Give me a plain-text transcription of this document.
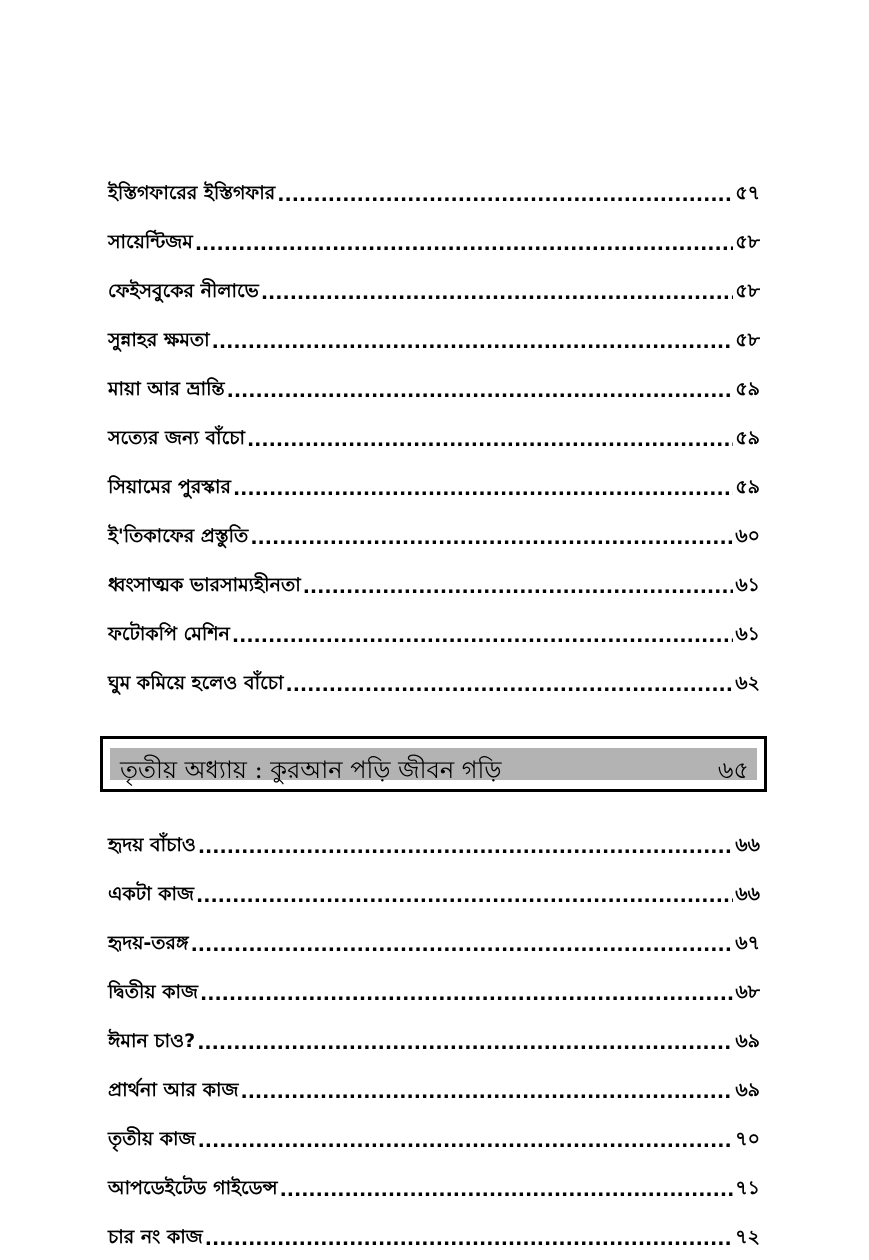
ইস্তিগফারের ইস্তিগফার .....	৫৭
সায়েন্টিজম .....	৫৮
ফেইসবুকের নীলাভে .....	৫৮
সুন্নাহর ক্ষমতা .....	৫৮
মায়া আর ভ্রান্তি .....	৫৯
সত্যের জন্য বাঁচো .....	৫৯
সিয়ামের পুরস্কার .....	৫৯
ই'তিকাফের প্রস্তুতি .....	৬০
ধ্বংসাত্মক ভারসাম্যহীনতা .....	৬১
ফটোকপি মেশিন .....	৬১
ঘুম কমিয়ে হলেও বাঁচো .....	৬২
তৃতীয় অধ্যায় : কুরআন পড়ি জীবন গড়ি	৬৫
হৃদয় বাঁচাও .....	৬৬
একটা কাজ .....	৬৬
হৃদয়-তরঙ্গ .....	৬৭
দ্বিতীয় কাজ .....	৬৮
ঈমান চাও? .....	৬৯
প্রার্থনা আর কাজ .....	৬৯
তৃতীয় কাজ .....	৭০
আপডেইটেড গাইডেন্স .....	৭১
চার নং কাজ .....	৭২
